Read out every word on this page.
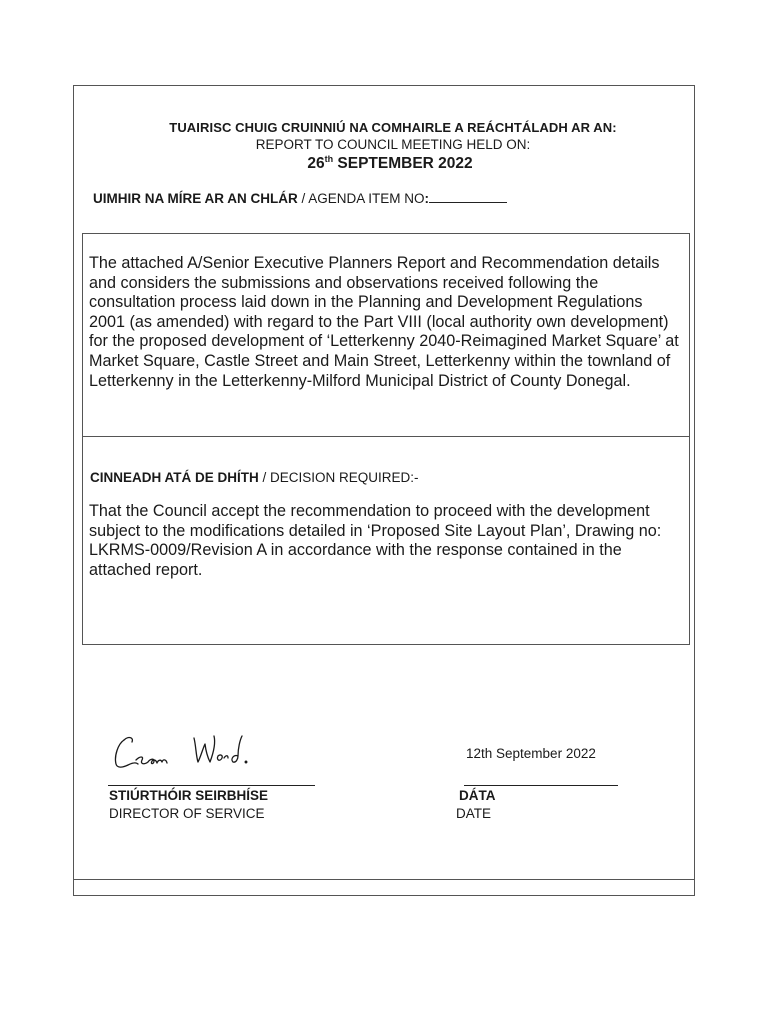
TUAIRISC CHUIG CRUINNIÚ NA COMHAIRLE A REÁCHTÁLADH AR AN:
REPORT TO COUNCIL MEETING HELD ON:
26th SEPTEMBER 2022
UIMHIR NA MÍRE AR AN CHLÁR / AGENDA ITEM NO:
The attached A/Senior Executive Planners Report and Recommendation details and considers the submissions and observations received following the consultation process laid down in the Planning and Development Regulations 2001 (as amended) with regard to the Part VIII (local authority own development) for the proposed development of ‘Letterkenny 2040-Reimagined Market Square’ at Market Square, Castle Street and Main Street, Letterkenny within the townland of Letterkenny in the Letterkenny-Milford Municipal District of County Donegal.
CINNEADH ATÁ DE DHÍTH / DECISION REQUIRED:-
That the Council accept the recommendation to proceed with the development subject to the modifications detailed in ‘Proposed Site Layout Plan’, Drawing no: LKRMS-0009/Revision A in accordance with the response contained in the attached report.
12th September 2022
STIÚRTHÓIR SEIRBHÍSE
DIRECTOR OF SERVICE
DÁTA
DATE
